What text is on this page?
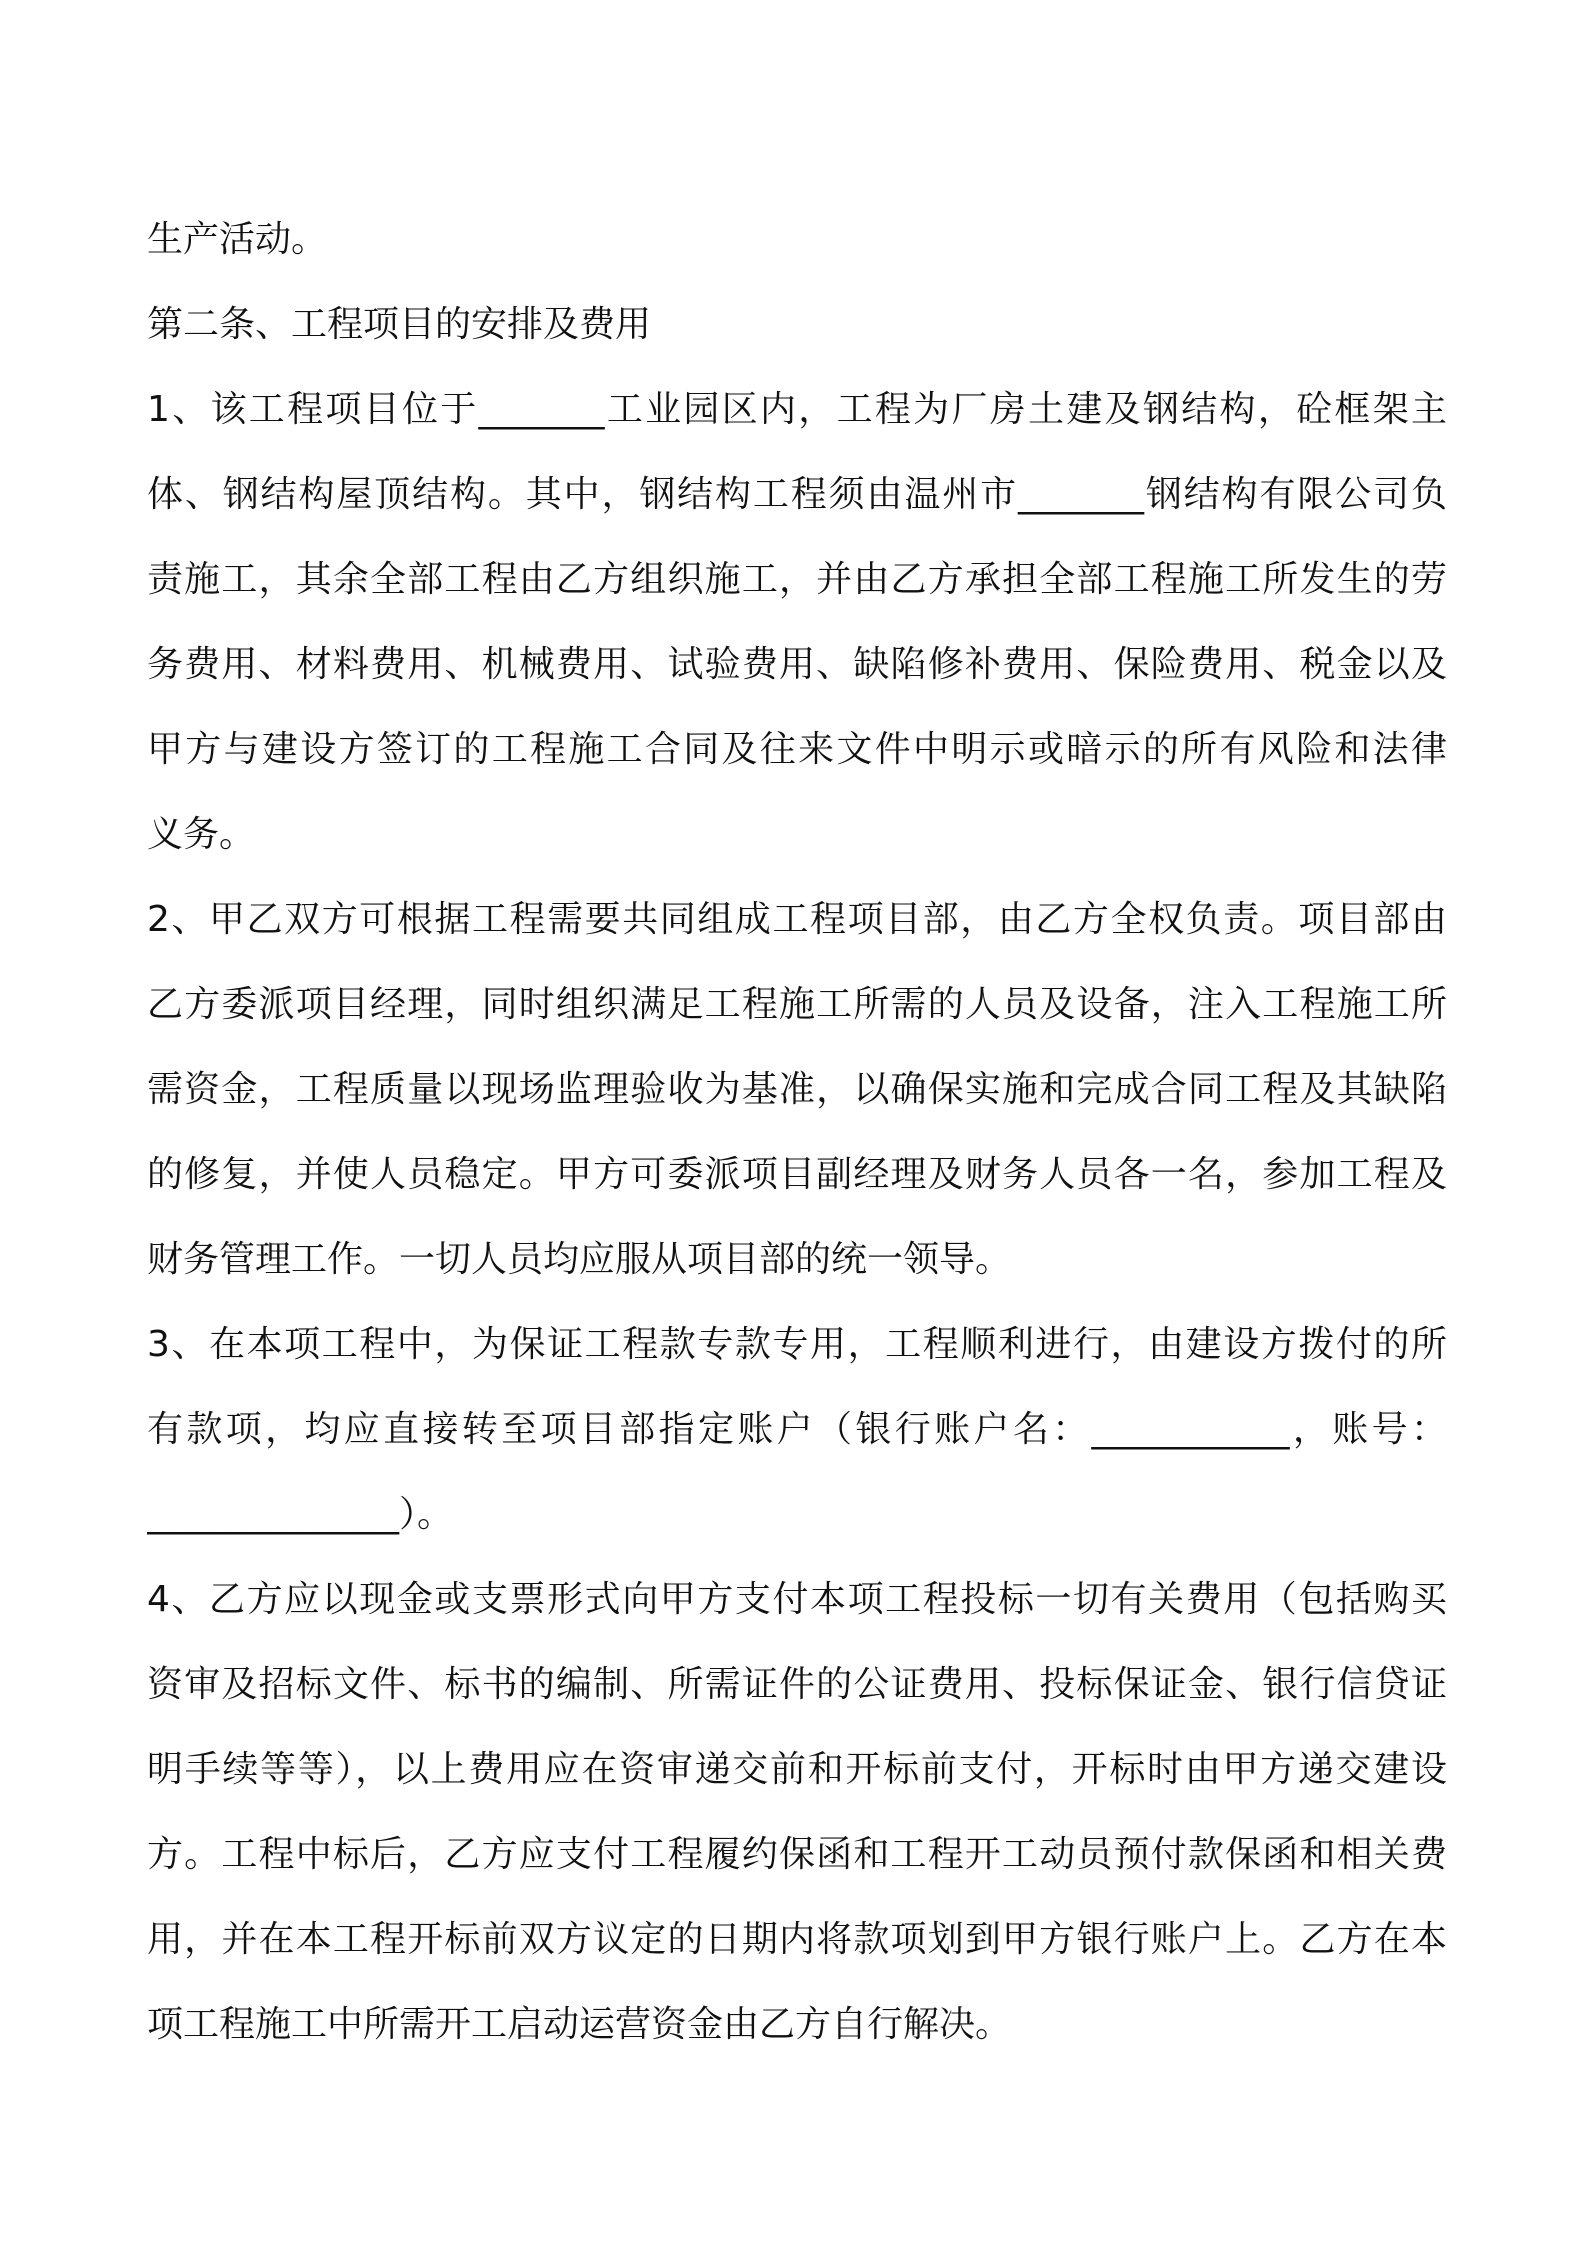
生产活动。
第二条、工程项目的安排及费用
1、该工程项目位于_______工业园区内，工程为厂房土建及钢结构，砼框架主
体、钢结构屋顶结构。其中，钢结构工程须由温州市_______钢结构有限公司负
责施工，其余全部工程由乙方组织施工，并由乙方承担全部工程施工所发生的劳
务费用、材料费用、机械费用、试验费用、缺陷修补费用、保险费用、税金以及
甲方与建设方签订的工程施工合同及往来文件中明示或暗示的所有风险和法律
义务。
2、甲乙双方可根据工程需要共同组成工程项目部，由乙方全权负责。项目部由
乙方委派项目经理，同时组织满足工程施工所需的人员及设备，注入工程施工所
需资金，工程质量以现场监理验收为基准，以确保实施和完成合同工程及其缺陷
的修复，并使人员稳定。甲方可委派项目副经理及财务人员各一名，参加工程及
财务管理工作。一切人员均应服从项目部的统一领导。
3、在本项工程中，为保证工程款专款专用，工程顺利进行，由建设方拨付的所
有款项，均应直接转至项目部指定账户（银行账户名：___________，账号：
______________）。
4、乙方应以现金或支票形式向甲方支付本项工程投标一切有关费用（包括购买
资审及招标文件、标书的编制、所需证件的公证费用、投标保证金、银行信贷证
明手续等等），以上费用应在资审递交前和开标前支付，开标时由甲方递交建设
方。工程中标后，乙方应支付工程履约保函和工程开工动员预付款保函和相关费
用，并在本工程开标前双方议定的日期内将款项划到甲方银行账户上。乙方在本
项工程施工中所需开工启动运营资金由乙方自行解决。
